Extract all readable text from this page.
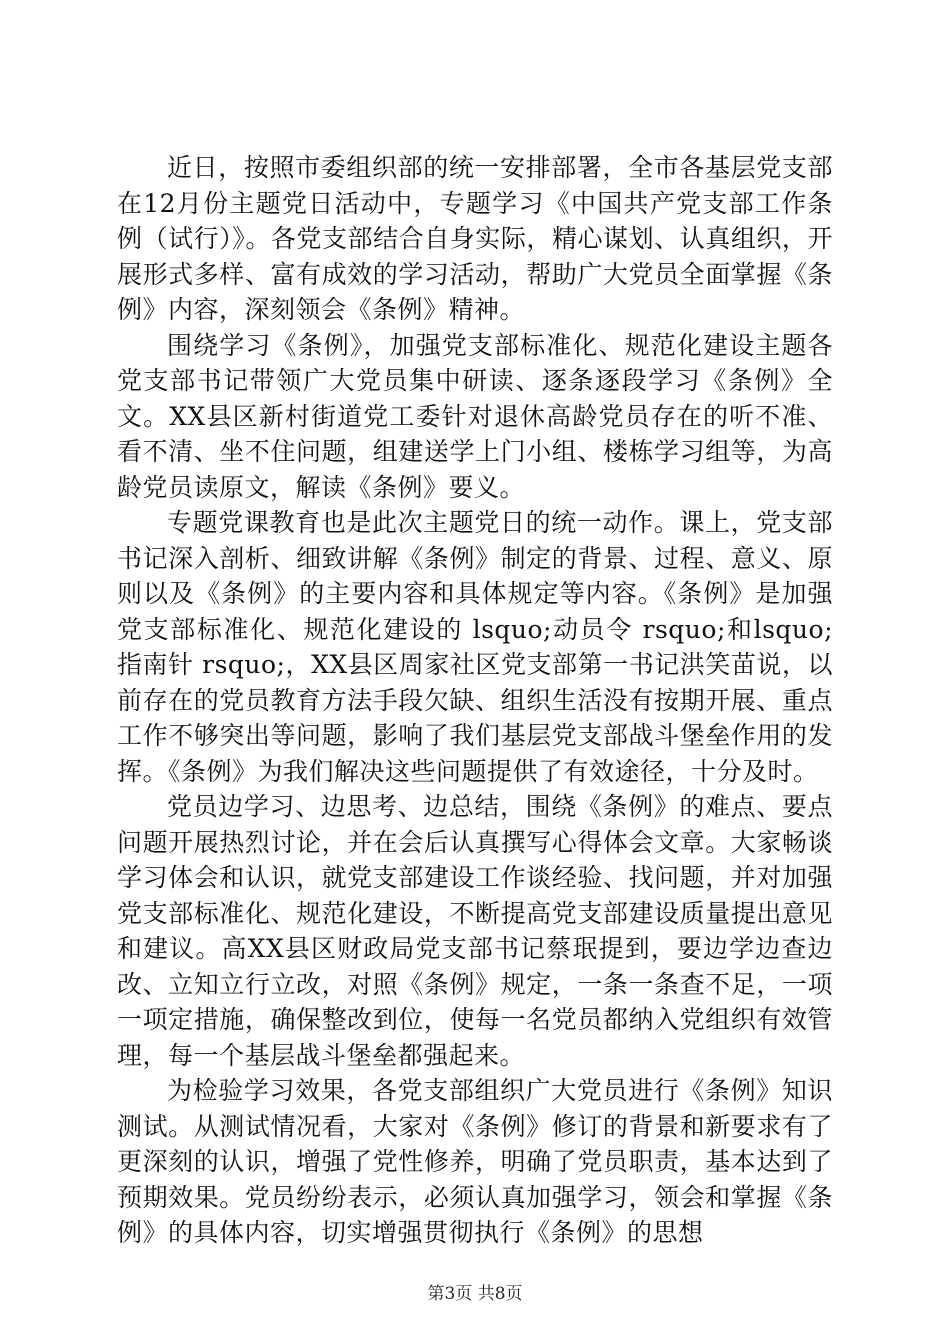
近日，按照市委组织部的统一安排部署，全市各基层党支部在12月份主题党日活动中，专题学习《中国共产党支部工作条例（试行）》。各党支部结合自身实际，精心谋划、认真组织，开展形式多样、富有成效的学习活动，帮助广大党员全面掌握《条例》内容，深刻领会《条例》精神。

围绕学习《条例》，加强党支部标准化、规范化建设主题各党支部书记带领广大党员集中研读、逐条逐段学习《条例》全文。XX县区新村街道党工委针对退休高龄党员存在的听不准、看不清、坐不住问题，组建送学上门小组、楼栋学习组等，为高龄党员读原文，解读《条例》要义。

专题党课教育也是此次主题党日的统一动作。课上，党支部书记深入剖析、细致讲解《条例》制定的背景、过程、意义、原则以及《条例》的主要内容和具体规定等内容。《条例》是加强党支部标准化、规范化建设的 lsquo;动员令 rsquo;和lsquo;指南针 rsquo;，XX县区周家社区党支部第一书记洪笑苗说，以前存在的党员教育方法手段欠缺、组织生活没有按期开展、重点工作不够突出等问题，影响了我们基层党支部战斗堡垒作用的发挥。《条例》为我们解决这些问题提供了有效途径，十分及时。

党员边学习、边思考、边总结，围绕《条例》的难点、要点问题开展热烈讨论，并在会后认真撰写心得体会文章。大家畅谈学习体会和认识，就党支部建设工作谈经验、找问题，并对加强党支部标准化、规范化建设，不断提高党支部建设质量提出意见和建议。高XX县区财政局党支部书记蔡珉提到，要边学边查边改、立知立行立改，对照《条例》规定，一条一条查不足，一项一项定措施，确保整改到位，使每一名党员都纳入党组织有效管理，每一个基层战斗堡垒都强起来。

为检验学习效果，各党支部组织广大党员进行《条例》知识测试。从测试情况看，大家对《条例》修订的背景和新要求有了更深刻的认识，增强了党性修养，明确了党员职责，基本达到了预期效果。党员纷纷表示，必须认真加强学习，领会和掌握《条例》的具体内容，切实增强贯彻执行《条例》的思想

第3页 共8页
